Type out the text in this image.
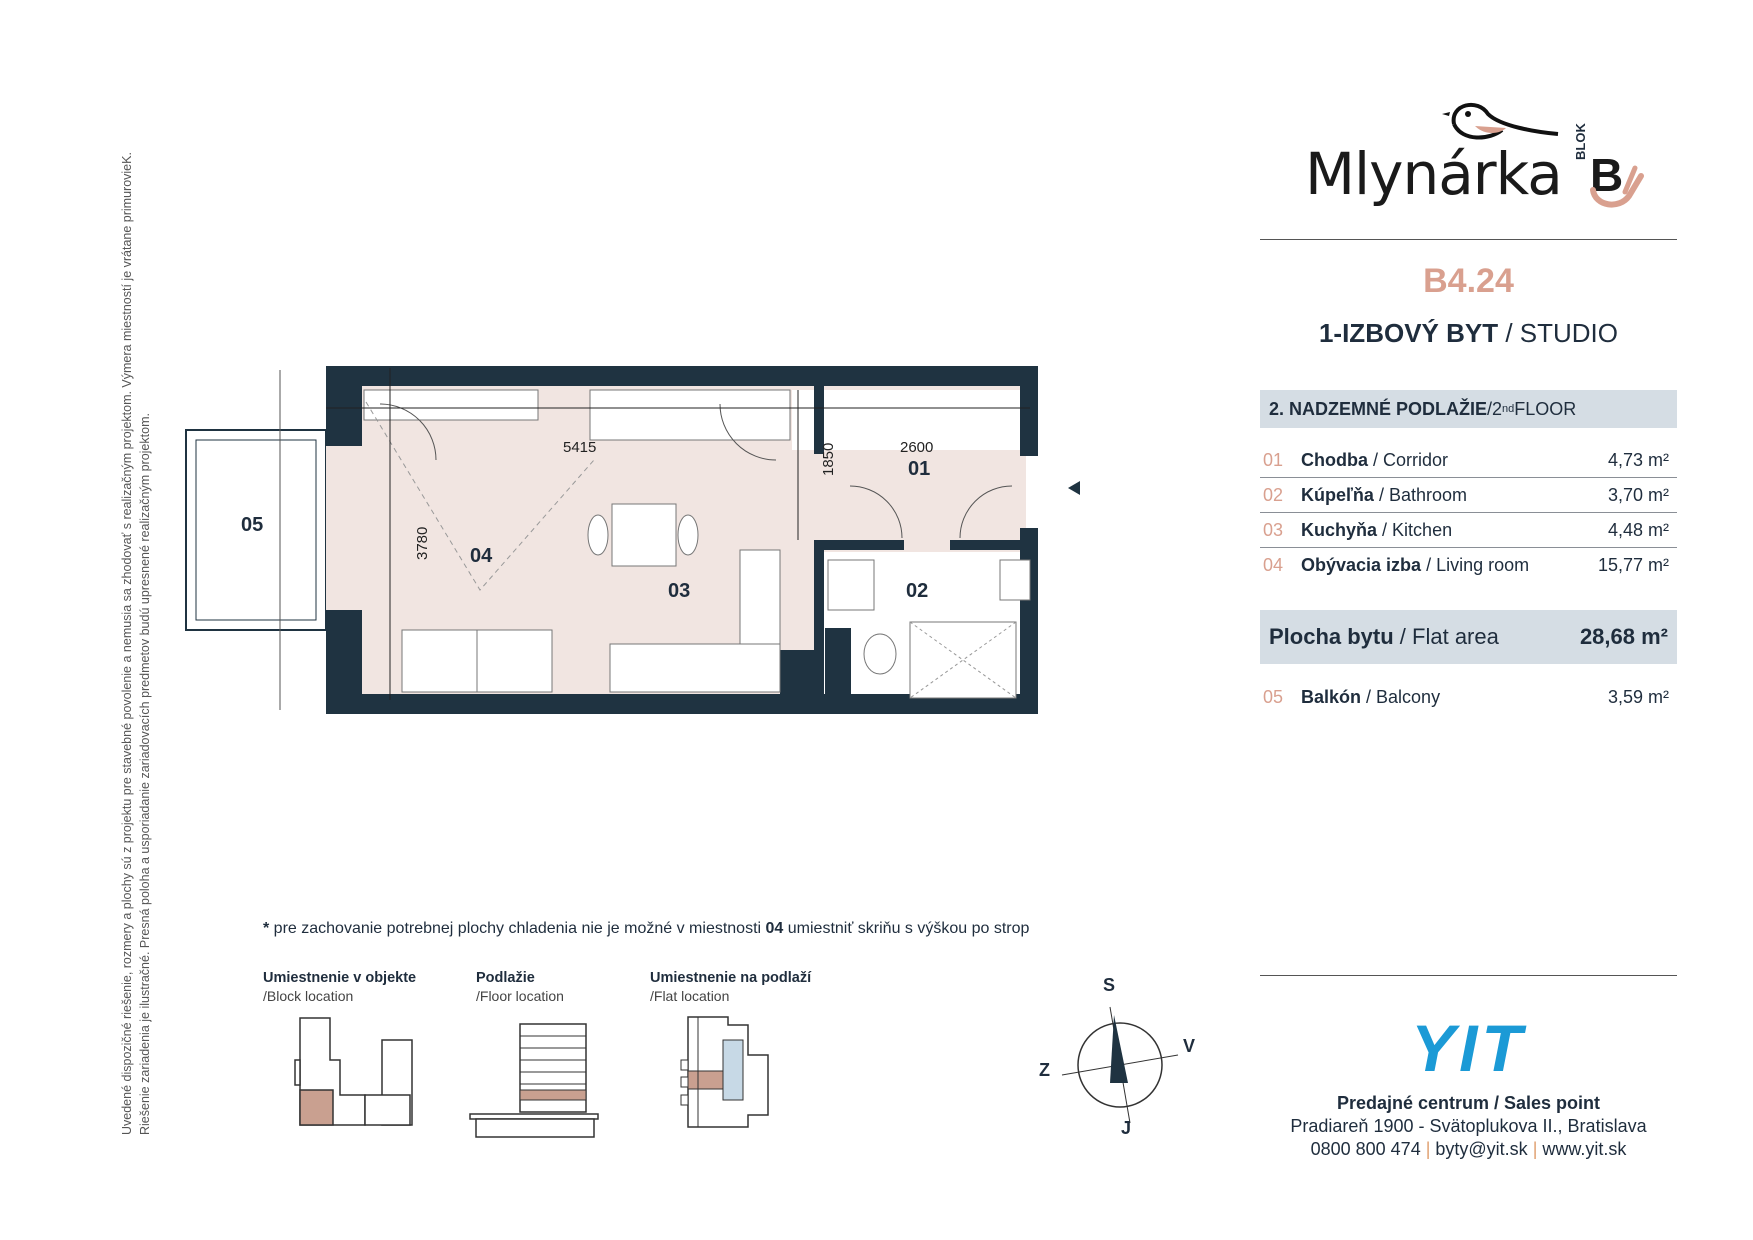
Uvedené dispozičné riešenie, rozmery a plochy sú z projektu pre stavebné povolenie a nemusia sa zhodovať s realizačným projektom. Výmera miestností je vrátane primurovieK. Riešenie zariadenia je ilustračné. Presná poloha a usporiadanie zariadovacích predmetov budú upresnené realizačným projektom.
Mlynárka BLOK
B
B4.24
1-IZBOVÝ BYT / STUDIO
2. NADZEMNÉ PODLAŽIE / 2 nd FLOOR
01 Chodba / Corridor	4,73 m²
02 Kúpeľňa / Bathroom	3,70 m²
03 Kuchyňa / Kitchen	4,48 m²
04 Obývacia izba / Living room	15,77 m²
Plocha bytu / Flat area	28,68 m²
05 Balkón / Balcony	3,59 m²
5415	2600
3780
1850
05
04
03
01
02
* pre zachovanie potrebnej plochy chladenia nie je možné v miestnosti 04 umiestniť skriňu s výškou po strop
Umiestnenie v objekte
/Block location
Podlažie
/Floor location
Umiestnenie na podlaží
/Flat location
S
J
Z
V	YIT
Predajné centrum / Sales point
Pradiareň 1900 - Svätoplukova II., Bratislava
0800 800 474 | byty@yit.sk | www.yit.sk
